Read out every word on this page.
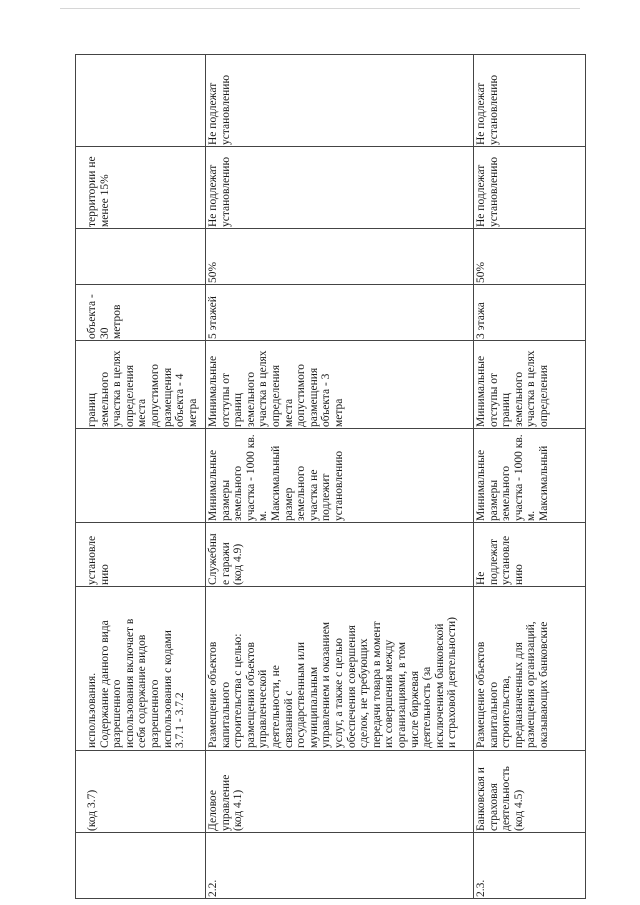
(код 3.7)
использования.
Содержание данного вида
разрешенного
использования включает в
себя содержание видов
разрешенного
использования с кодами
3.7.1 - 3.7.2
установле
нию
границ
земельного
участка в целях
определения
места
допустимого
размещения
объекта - 4
метра
объекта - 30
метров
территории не
менее 15%
2.2.
Деловое
управление
(код 4.1)
Размещение объектов
капитального
строительства с целью:
размещения объектов
управленческой
деятельности, не
связанной с
государственным или
муниципальным
управлением и оказанием
услуг, а также с целью
обеспечения совершения
сделок, не требующих
передачи товара в момент
их совершения между
организациями, в том
числе биржевая
деятельность (за
исключением банковской
и страховой деятельности)
Служебны
е гаражи
(код 4.9)
Минимальные
размеры
земельного
участка - 1000 кв.
м.
Максимальный
размер
земельного
участка не
подлежит
установлению
Минимальные
отступы от
границ
земельного
участка в целях
определения
места
допустимого
размещения
объекта - 3
метра
5 этажей
50%
Не подлежат
установлению
Не подлежат
установлению
2.3.
Банковская и
страховая
деятельность
(код 4.5)
Размещение объектов
капитального
строительства,
предназначенных для
размещения организаций,
оказывающих банковские
Не
подлежат
установле
нию
Минимальные
размеры
земельного
участка - 1000 кв.
м.
Максимальный
Минимальные
отступы от
границ
земельного
участка в целях
определения
3 этажа
50%
Не подлежат
установлению
Не подлежат
установлению
